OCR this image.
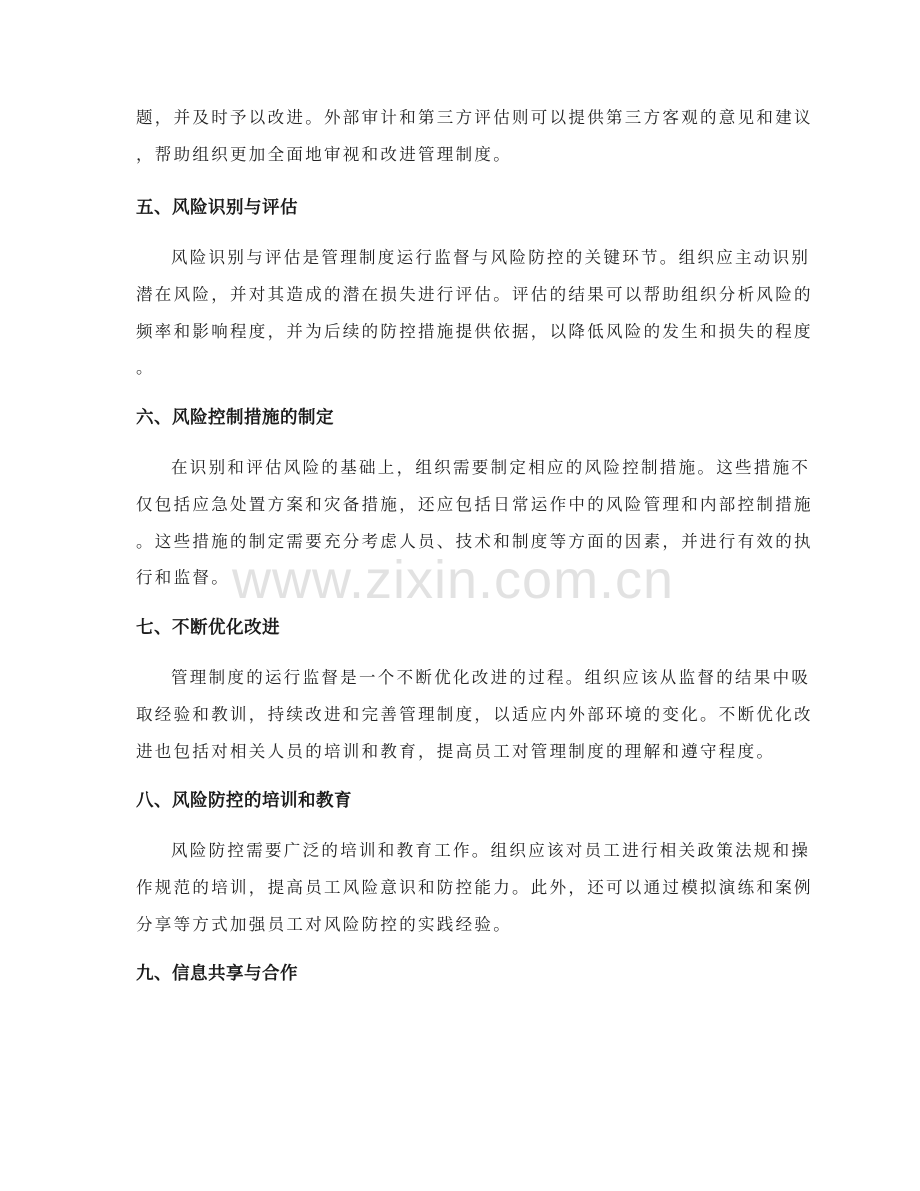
www.zixin.com.cn
题，并及时予以改进。外部审计和第三方评估则可以提供第三方客观的意见和建议
，帮助组织更加全面地审视和改进管理制度。
五、风险识别与评估
风险识别与评估是管理制度运行监督与风险防控的关键环节。组织应主动识别
潜在风险，并对其造成的潜在损失进行评估。评估的结果可以帮助组织分析风险的
频率和影响程度，并为后续的防控措施提供依据，以降低风险的发生和损失的程度
。
六、风险控制措施的制定
在识别和评估风险的基础上，组织需要制定相应的风险控制措施。这些措施不
仅包括应急处置方案和灾备措施，还应包括日常运作中的风险管理和内部控制措施
。这些措施的制定需要充分考虑人员、技术和制度等方面的因素，并进行有效的执
行和监督。
七、不断优化改进
管理制度的运行监督是一个不断优化改进的过程。组织应该从监督的结果中吸
取经验和教训，持续改进和完善管理制度，以适应内外部环境的变化。不断优化改
进也包括对相关人员的培训和教育，提高员工对管理制度的理解和遵守程度。
八、风险防控的培训和教育
风险防控需要广泛的培训和教育工作。组织应该对员工进行相关政策法规和操
作规范的培训，提高员工风险意识和防控能力。此外，还可以通过模拟演练和案例
分享等方式加强员工对风险防控的实践经验。
九、信息共享与合作
